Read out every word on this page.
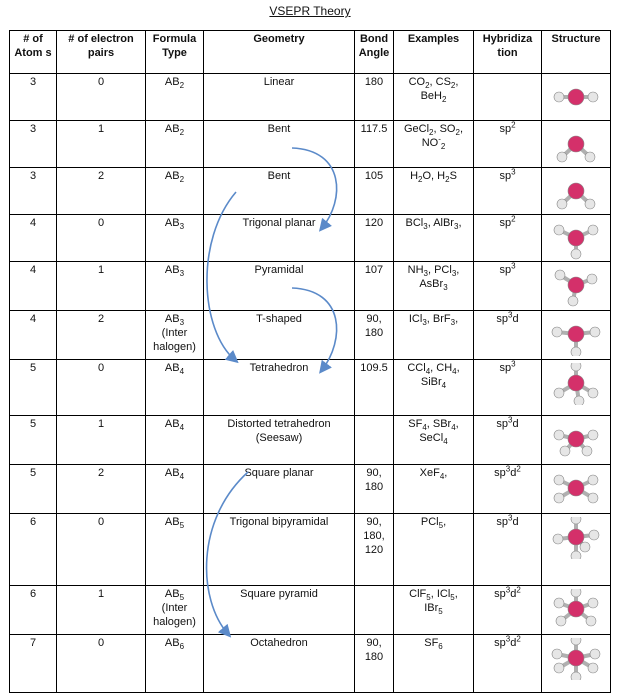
VSEPR Theory
# of Atom s	# of electron pairs	Formula Type	Geometry	Bond Angle	Examples	Hybridiza tion	Structure
3	0	$AB_2$	Linear	180	$CO_2$, $CS_2$,
BeH$_2$		

3	1	$AB_2$	Bent	117.5	GeCl$_2$, $SO_2$,
$NO^-_2$	$sp^2$	

3	2	$AB_2$	Bent	105	$H_2O$, $H_2S$	$sp^3$	

4	0	$AB_3$	Trigonal planar	120	BCl$_3$, AlBr$_3$,	$sp^2$	

4	1	$AB_3$	Pyramidal	107	$NH_3$, PCl$_3$,
AsBr$_3$	$sp^3$	

4	2	$AB_3$
(Inter
halogen)	T-shaped	90,
180	ICl$_3$, BrF$_3$,	$sp^3d$	

5	0	$AB_4$	Tetrahedron	109.5	CCl$_4$, $CH_4$,
SiBr$_4$	$sp^3$	

5	1	$AB_4$	Distorted tetrahedron
(Seesaw)		$SF_4$, SBr$_4$,
SeCl$_4$	$sp^3d$	

5	2	$AB_4$	Square planar	90,
180	XeF$_4$,	$sp^3d^2$	

6	0	$AB_5$	Trigonal bipyramidal	90,
180,
120	PCl$_5$,	$sp^3d$	

6	1	$AB_5$
(Inter
halogen)	Square pyramid		ClF$_5$, ICl$_5$,
IBr$_5$	$sp^3d^2$	

7	0	$AB_6$	Octahedron	90,
180	$SF_6$	$sp^3d^2$	
